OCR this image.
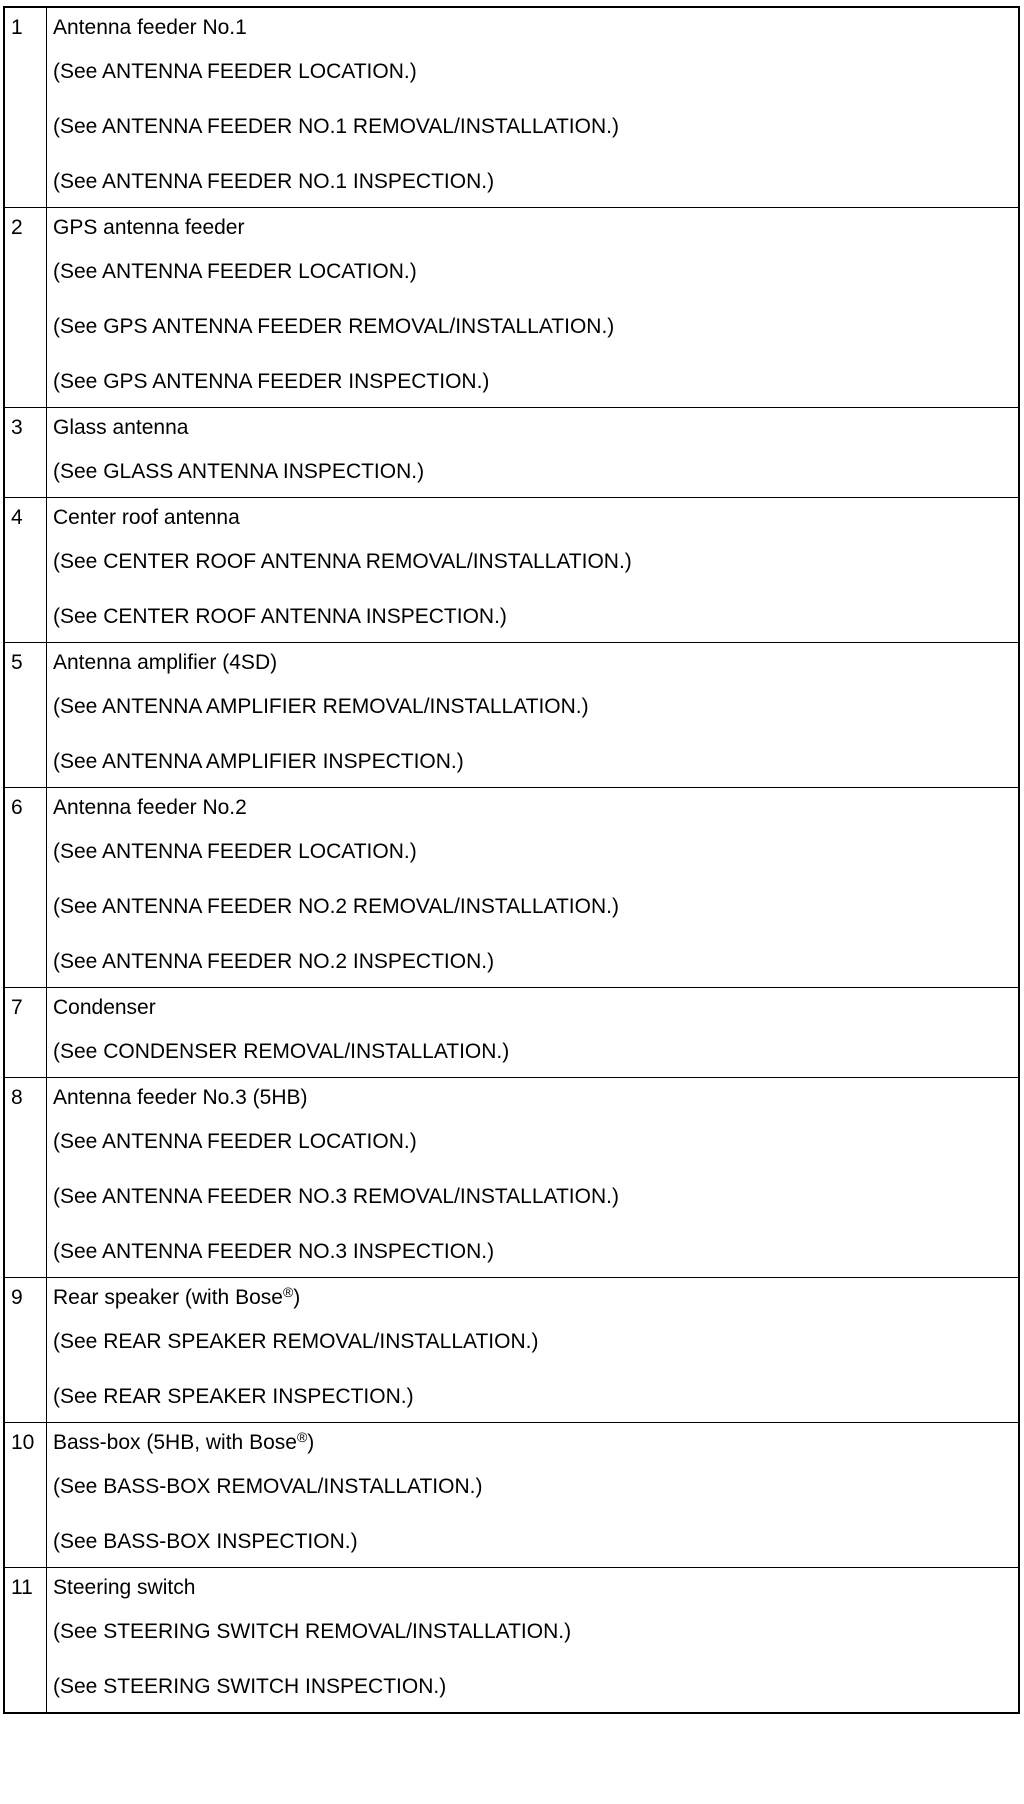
1	Antenna feeder No.1
(See ANTENNA FEEDER LOCATION.)
(See ANTENNA FEEDER NO.1 REMOVAL/INSTALLATION.)
(See ANTENNA FEEDER NO.1 INSPECTION.)
2	GPS antenna feeder
(See ANTENNA FEEDER LOCATION.)
(See GPS ANTENNA FEEDER REMOVAL/INSTALLATION.)
(See GPS ANTENNA FEEDER INSPECTION.)
3	Glass antenna
(See GLASS ANTENNA INSPECTION.)
4	Center roof antenna
(See CENTER ROOF ANTENNA REMOVAL/INSTALLATION.)
(See CENTER ROOF ANTENNA INSPECTION.)
5	Antenna amplifier (4SD)
(See ANTENNA AMPLIFIER REMOVAL/INSTALLATION.)
(See ANTENNA AMPLIFIER INSPECTION.)
6	Antenna feeder No.2
(See ANTENNA FEEDER LOCATION.)
(See ANTENNA FEEDER NO.2 REMOVAL/INSTALLATION.)
(See ANTENNA FEEDER NO.2 INSPECTION.)
7	Condenser
(See CONDENSER REMOVAL/INSTALLATION.)
8	Antenna feeder No.3 (5HB)
(See ANTENNA FEEDER LOCATION.)
(See ANTENNA FEEDER NO.3 REMOVAL/INSTALLATION.)
(See ANTENNA FEEDER NO.3 INSPECTION.)
9	Rear speaker (with Bose®)
(See REAR SPEAKER REMOVAL/INSTALLATION.)
(See REAR SPEAKER INSPECTION.)
10 Bass-box (5HB, with Bose®)
(See BASS-BOX REMOVAL/INSTALLATION.)
(See BASS-BOX INSPECTION.)
11 Steering switch
(See STEERING SWITCH REMOVAL/INSTALLATION.)
(See STEERING SWITCH INSPECTION.)
